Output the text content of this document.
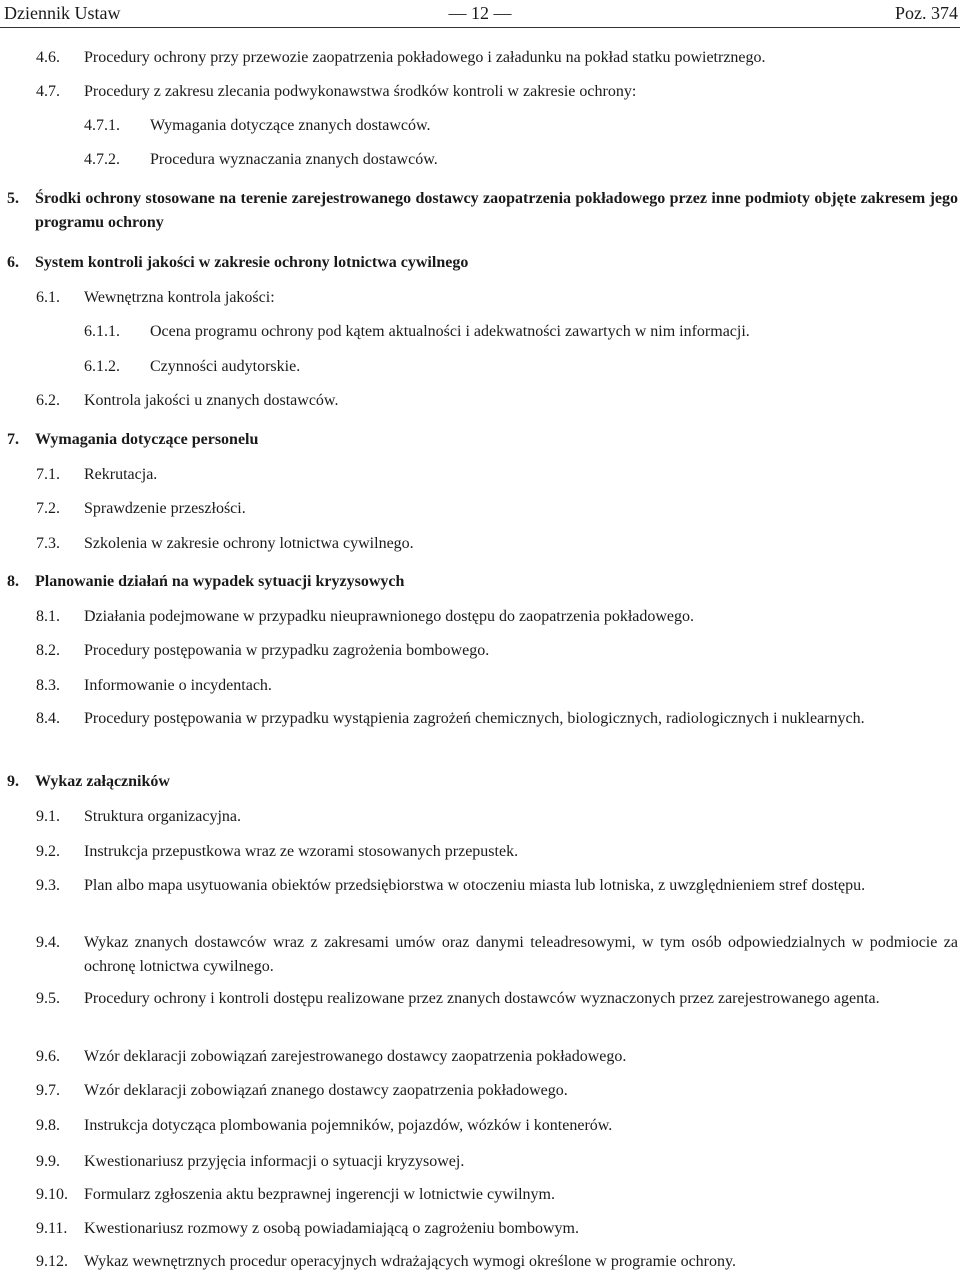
Dziennik Ustaw	— 12 —	Poz. 374
4.6.	Procedury ochrony przy przewozie zaopatrzenia pokładowego i załadunku na pokład statku powietrznego.
4.7.	Procedury z zakresu zlecania podwykonawstwa środków kontroli w zakresie ochrony:
4.7.1.	Wymagania dotyczące znanych dostawców.
4.7.2.	Procedura wyznaczania znanych dostawców.
5.	Środki ochrony stosowane na terenie zarejestrowanego dostawcy zaopatrzenia pokładowego przez inne podmioty objęte zakresem jego programu ochrony
6.	System kontroli jakości w zakresie ochrony lotnictwa cywilnego
6.1.	Wewnętrzna kontrola jakości:
6.1.1.	Ocena programu ochrony pod kątem aktualności i adekwatności zawartych w nim informacji.
6.1.2.	Czynności audytorskie.
6.2.	Kontrola jakości u znanych dostawców.
7.	Wymagania dotyczące personelu
7.1.	Rekrutacja.
7.2.	Sprawdzenie przeszłości.
7.3.	Szkolenia w zakresie ochrony lotnictwa cywilnego.
8.	Planowanie działań na wypadek sytuacji kryzysowych
8.1.	Działania podejmowane w przypadku nieuprawnionego dostępu do zaopatrzenia pokładowego.
8.2.	Procedury postępowania w przypadku zagrożenia bombowego.
8.3.	Informowanie o incydentach.
8.4.	Procedury postępowania w przypadku wystąpienia zagrożeń chemicznych, biologicznych, radiologicznych i nuklearnych.
9.	Wykaz załączników
9.1.	Struktura organizacyjna.
9.2.	Instrukcja przepustkowa wraz ze wzorami stosowanych przepustek.
9.3.	Plan albo mapa usytuowania obiektów przedsiębiorstwa w otoczeniu miasta lub lotniska, z uwzględnieniem stref dostępu.
9.4.	Wykaz znanych dostawców wraz z zakresami umów oraz danymi teleadresowymi, w tym osób odpowiedzialnych w podmiocie za ochronę lotnictwa cywilnego.
9.5.	Procedury ochrony i kontroli dostępu realizowane przez znanych dostawców wyznaczonych przez zarejestrowanego agenta.
9.6.	Wzór deklaracji zobowiązań zarejestrowanego dostawcy zaopatrzenia pokładowego.
9.7.	Wzór deklaracji zobowiązań znanego dostawcy zaopatrzenia pokładowego.
9.8.	Instrukcja dotycząca plombowania pojemników, pojazdów, wózków i kontenerów.
9.9.	Kwestionariusz przyjęcia informacji o sytuacji kryzysowej.
9.10.	Formularz zgłoszenia aktu bezprawnej ingerencji w lotnictwie cywilnym.
9.11.	Kwestionariusz rozmowy z osobą powiadamiającą o zagrożeniu bombowym.
9.12.	Wykaz wewnętrznych procedur operacyjnych wdrażających wymogi określone w programie ochrony.
